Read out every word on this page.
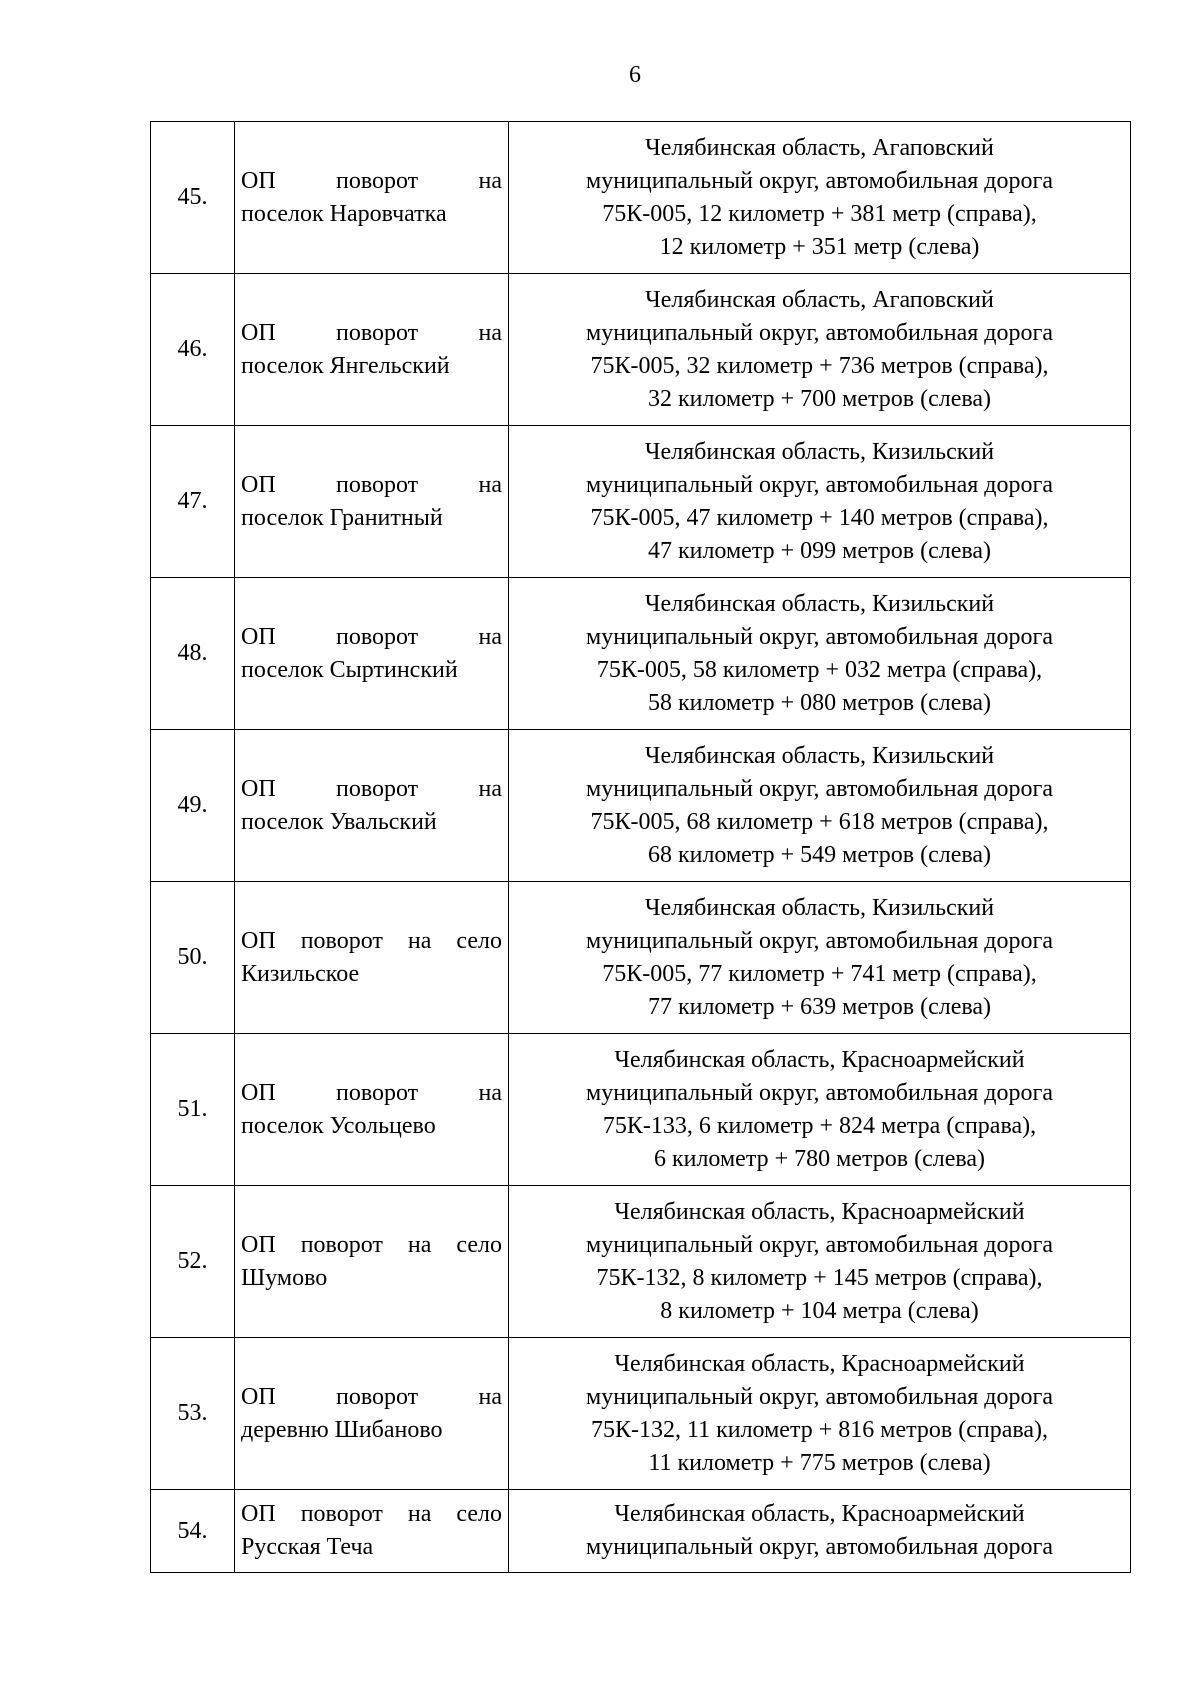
6
45.	ОП поворот на
поселок Наровчатка	Челябинская область, Агаповский
муниципальный округ, автомобильная дорога
75К-005, 12 километр + 381 метр (справа),
12 километр + 351 метр (слева)

46.	ОП поворот на
поселок Янгельский	Челябинская область, Агаповский
муниципальный округ, автомобильная дорога
75К-005, 32 километр + 736 метров (справа),
32 километр + 700 метров (слева)

47.	ОП поворот на
поселок Гранитный	Челябинская область, Кизильский
муниципальный округ, автомобильная дорога
75К-005, 47 километр + 140 метров (справа),
47 километр + 099 метров (слева)

48.	ОП поворот на
поселок Сыртинский	Челябинская область, Кизильский
муниципальный округ, автомобильная дорога
75К-005, 58 километр + 032 метра (справа),
58 километр + 080 метров (слева)

49.	ОП поворот на
поселок Увальский	Челябинская область, Кизильский
муниципальный округ, автомобильная дорога
75К-005, 68 километр + 618 метров (справа),
68 километр + 549 метров (слева)

50.	ОП поворот на село
Кизильское	Челябинская область, Кизильский
муниципальный округ, автомобильная дорога
75К-005, 77 километр + 741 метр (справа),
77 километр + 639 метров (слева)

51.	ОП поворот на
поселок Усольцево	Челябинская область, Красноармейский
муниципальный округ, автомобильная дорога
75К-133, 6 километр + 824 метра (справа),
6 километр + 780 метров (слева)

52.	ОП поворот на село
Шумово	Челябинская область, Красноармейский
муниципальный округ, автомобильная дорога
75К-132, 8 километр + 145 метров (справа),
8 километр + 104 метра (слева)

53.	ОП поворот на
деревню Шибаново	Челябинская область, Красноармейский
муниципальный округ, автомобильная дорога
75К-132, 11 километр + 816 метров (справа),
11 километр + 775 метров (слева)

54.	ОП поворот на село
Русская Теча	Челябинская область, Красноармейский
муниципальный округ, автомобильная дорога
